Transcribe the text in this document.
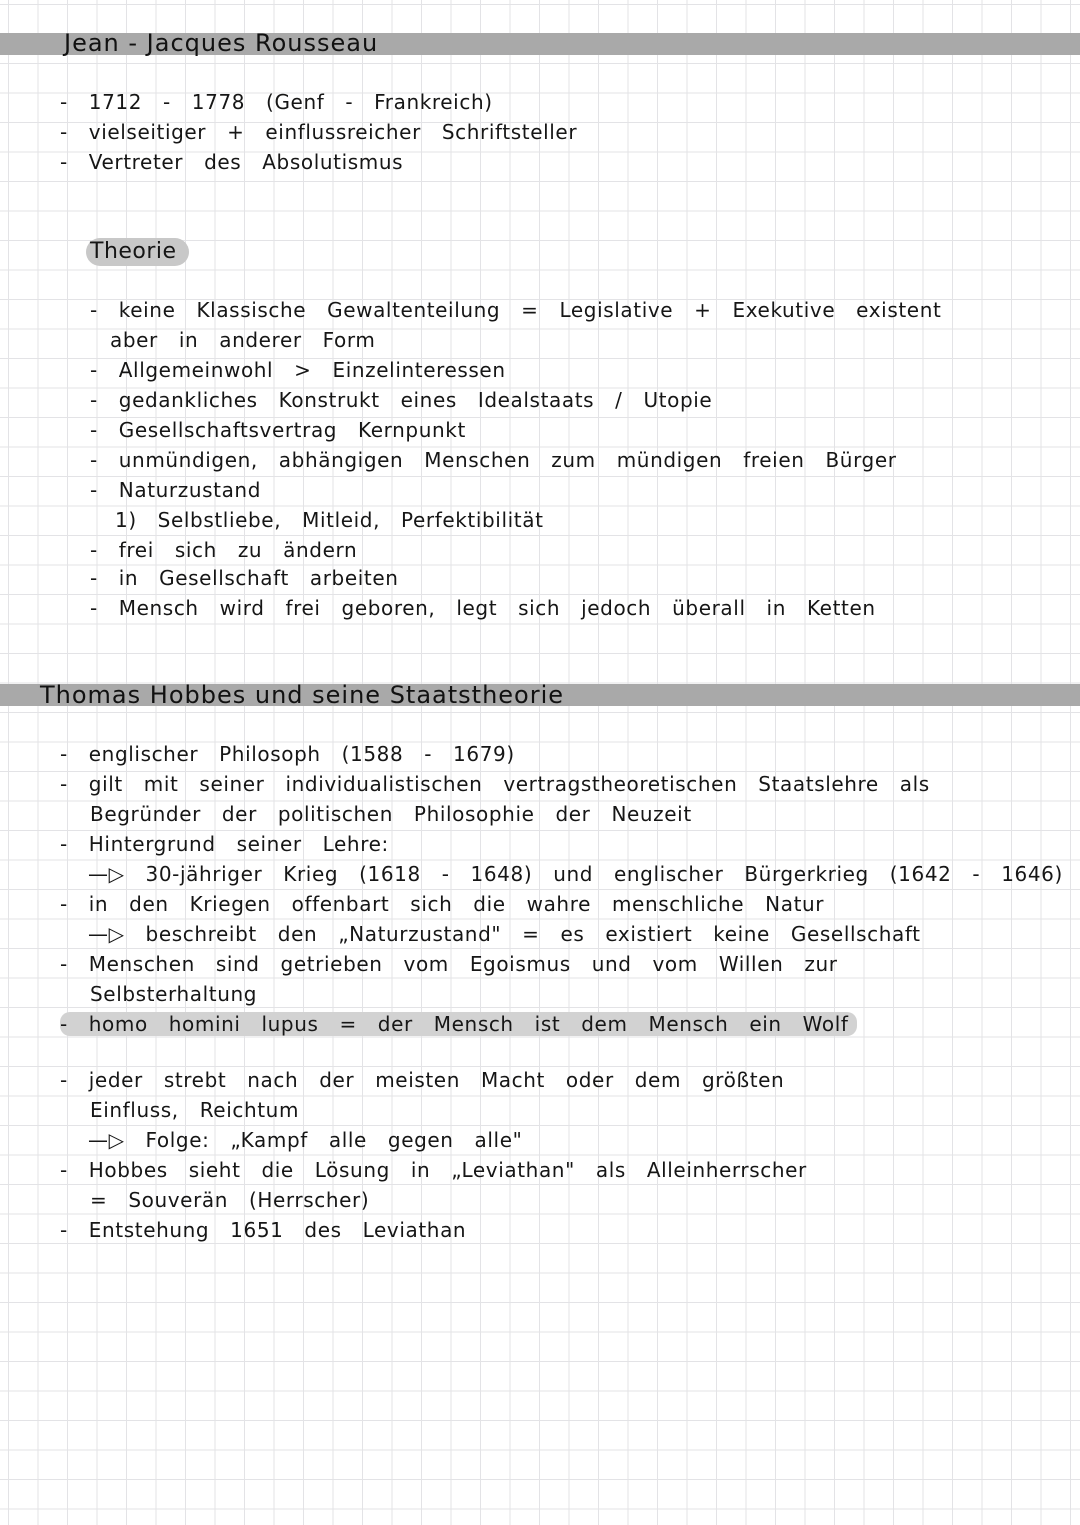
Jean - Jacques Rousseau
- 1712 - 1778 (Genf - Frankreich)
- vielseitiger + einflussreicher Schriftsteller
- Vertreter des Absolutismus
Theorie
- keine Klassische Gewaltenteilung = Legislative + Exekutive existent
aber in anderer Form
- Allgemeinwohl > Einzelinteressen
- gedankliches Konstrukt eines Idealstaats / Utopie
- Gesellschaftsvertrag Kernpunkt
- unmündigen, abhängigen Menschen zum mündigen freien Bürger
- Naturzustand
1) Selbstliebe, Mitleid, Perfektibilität
- frei sich zu ändern
- in Gesellschaft arbeiten
- Mensch wird frei geboren, legt sich jedoch überall in Ketten
Thomas Hobbes und seine Staatstheorie
- englischer Philosoph (1588 - 1679)
- gilt mit seiner individualistischen vertragstheoretischen Staatslehre als
Begründer der politischen Philosophie der Neuzeit
- Hintergrund seiner Lehre:
—▷ 30-jähriger Krieg (1618 - 1648) und englischer Bürgerkrieg (1642 - 1646)
- in den Kriegen offenbart sich die wahre menschliche Natur
—▷ beschreibt den „Naturzustand" = es existiert keine Gesellschaft
- Menschen sind getrieben vom Egoismus und vom Willen zur
Selbsterhaltung
- homo homini lupus = der Mensch ist dem Mensch ein Wolf
- jeder strebt nach der meisten Macht oder dem größten
Einfluss, Reichtum
—▷ Folge: „Kampf alle gegen alle"
- Hobbes sieht die Lösung in „Leviathan" als Alleinherrscher
= Souverän (Herrscher)
- Entstehung 1651 des Leviathan
